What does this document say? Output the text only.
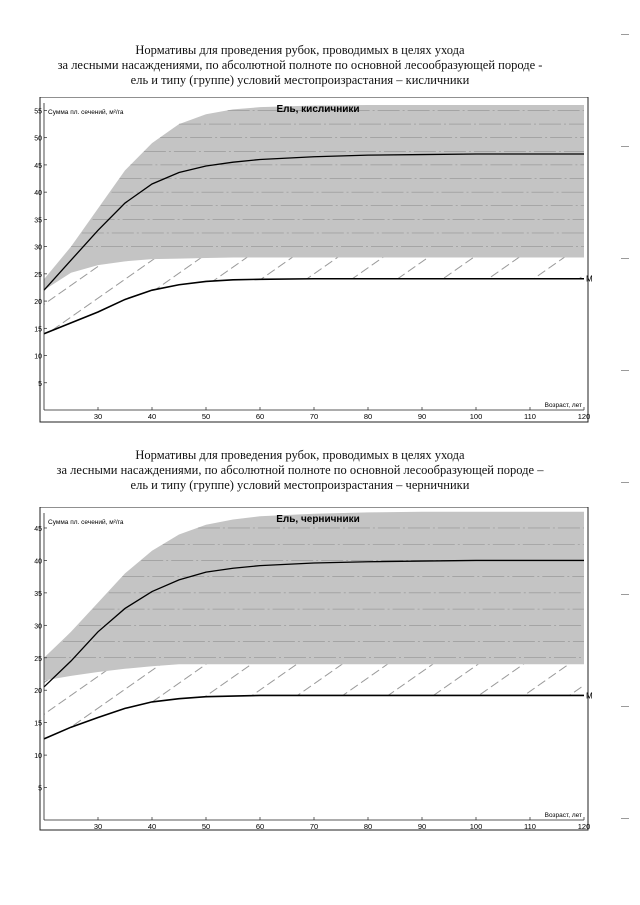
Нормативы для проведения рубок, проводимых в целях ухода
за лесными насаждениями, по абсолютной полноте по основной лесообразующей породе -
ель и типу (группе) условий местопроизрастания – кисличники
M
5
10
15
20
25
30
35
40
45
50
55
30	40	50	60	70	80	90	100	110	120
Сумма пл. сечений, м²/га
Возраст, лет
Ель, кисличники
Нормативы для проведения рубок, проводимых в целях ухода
за лесными насаждениями, по абсолютной полноте по основной лесообразующей породе –
ель и типу (группе) условий местопроизрастания – черничники
M
5
10
15
20
25
30
35
40
45
30	40	50	60	70	80	90	100	110	120
Сумма пл. сечений, м²/га
Возраст, лет
Ель, черничники
